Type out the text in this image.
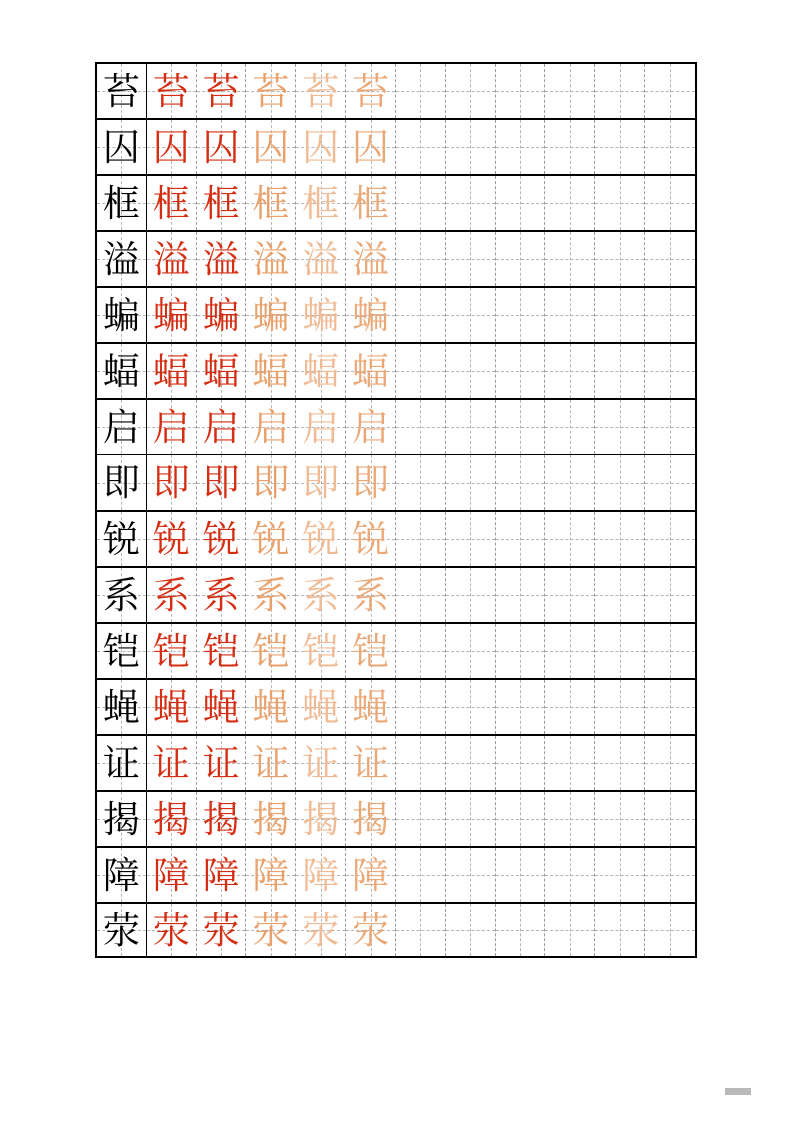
苔 苔 苔 苔 苔 苔
囚 囚 囚 囚 囚 囚
框 框 框 框 框 框
溢 溢 溢 溢 溢 溢
蝙 蝙 蝙 蝙 蝙 蝙
蝠 蝠 蝠 蝠 蝠 蝠
启 启 启 启 启 启
即 即 即 即 即 即
锐 锐 锐 锐 锐 锐
系 系 系 系 系 系
铠 铠 铠 铠 铠 铠
蝇 蝇 蝇 蝇 蝇 蝇
证 证 证 证 证 证
揭 揭 揭 揭 揭 揭
障 障 障 障 障 障
荥 荥 荥 荥 荥 荥
